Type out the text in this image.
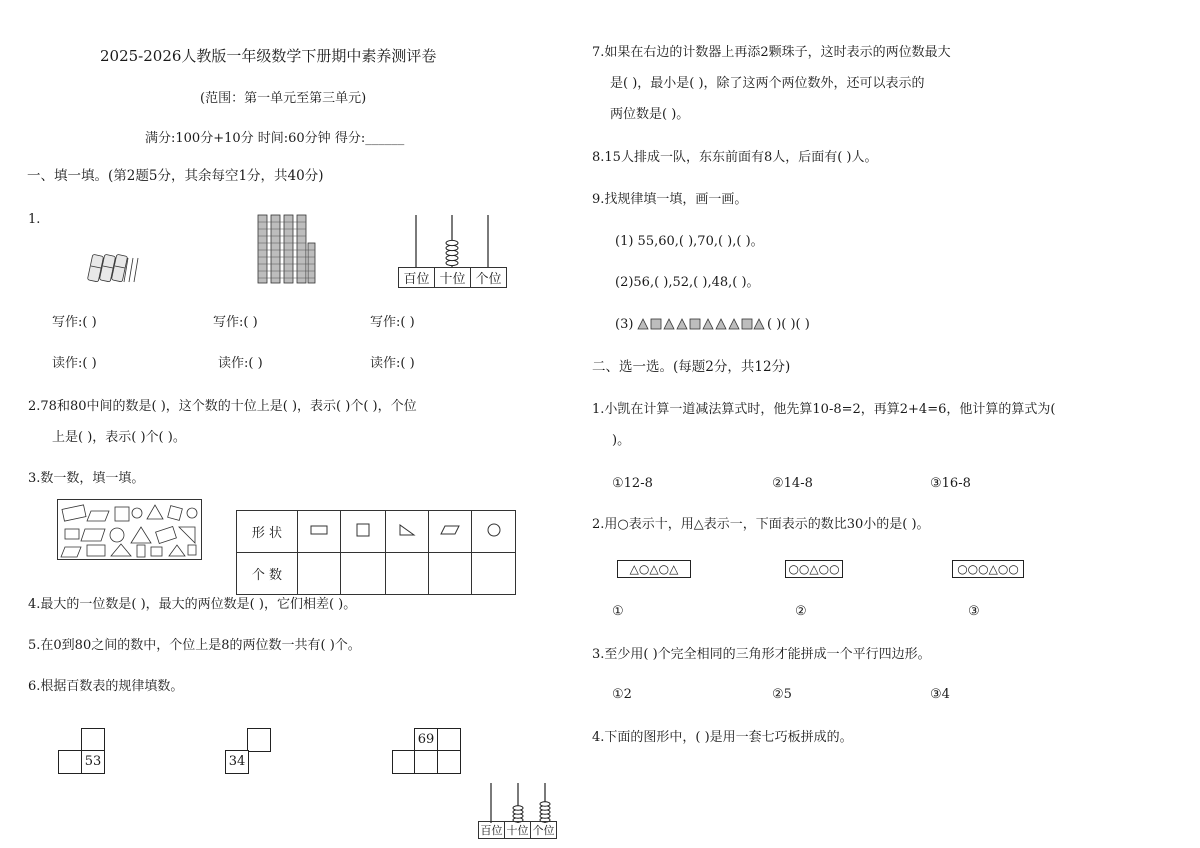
2025-2026人教版一年级数学下册期中素养测评卷
(范围：第一单元至第三单元)
满分:100分+10分 时间:60分钟 得分:______
一、填一填。(第2题5分，其余每空1分，共40分)
1.
百位	十位	个位
写作:( )	写作:( )	写作:( )
读作:( )	读作:( )	读作:( )
2.78和80中间的数是( )，这个数的十位上是( )，表示( )个( )，个位
上是( )，表示( )个( )。
3.数一数，填一填。
形 状					
个 数					
4.最大的一位数是( )，最大的两位数是( )，它们相差( )。
5.在0到80之间的数中，个位上是8的两位数一共有( )个。
6.根据百数表的规律填数。
53	34
69
百位	十位	个位
7.如果在右边的计数器上再添2颗珠子，这时表示的两位数最大
是( )，最小是( )，除了这两个两位数外，还可以表示的
两位数是( )。
8.15人排成一队，东东前面有8人，后面有( )人。
9.找规律填一填，画一画。
(1) 55,60,( ),70,( ),( )。
(2)56,( ),52,( ),48,( )。
(3)	( )( )( )
二、选一选。(每题2分，共12分)
1.小凯在计算一道减法算式时，他先算10-8=2，再算2+4=6，他计算的算式为(
)。
①12-8	②14-8	③16-8
2.用○表示十，用△表示一，下面表示的数比30小的是( )。
△○△○△	○○△○○	○○○△○○
①	②	③
3.至少用( )个完全相同的三角形才能拼成一个平行四边形。
①2	②5	③4
4.下面的图形中，( )是用一套七巧板拼成的。
